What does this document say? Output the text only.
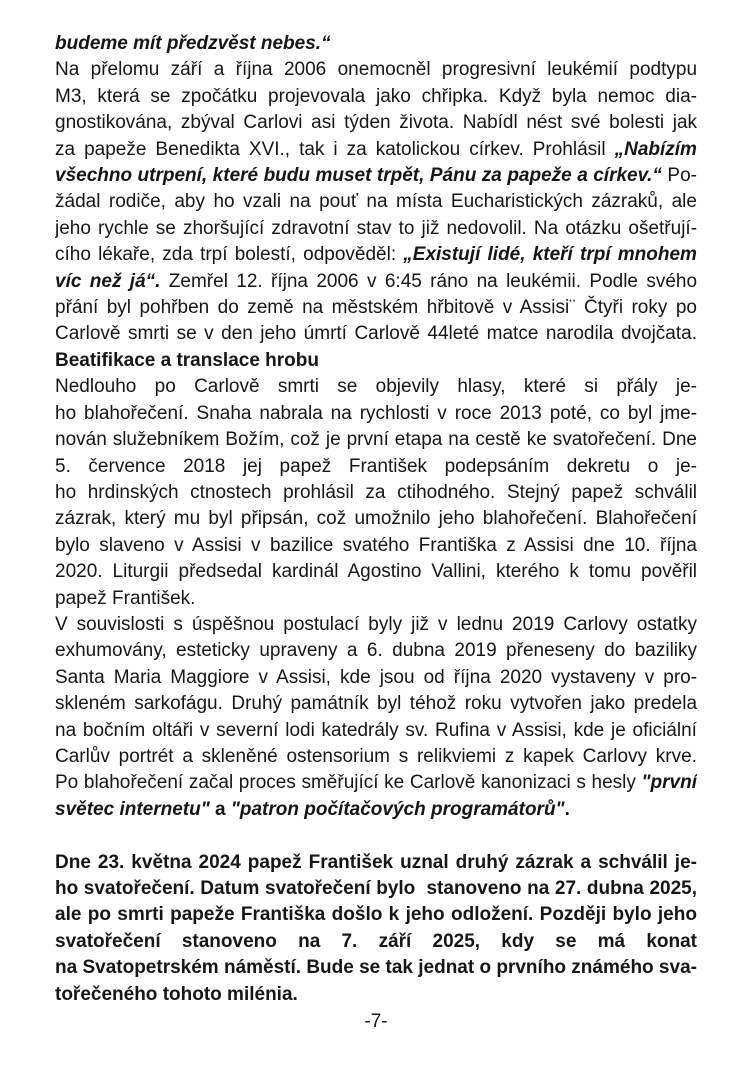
budeme mít předzvěst nebes.“
Na přelomu září a října 2006 onemocněl progresivní leukémií podtypu
M3, která se zpočátku projevovala jako chřipka. Když byla nemoc dia-
gnostikována, zbýval Carlovi asi týden života. Nabídl nést své bolesti jak
za papeže Benedikta XVI., tak i za katolickou církev. Prohlásil „Nabízím
všechno utrpení, které budu muset trpět, Pánu za papeže a církev.“ Po-
žádal rodiče, aby ho vzali na pouť na místa Eucharistických zázraků, ale
jeho rychle se zhoršující zdravotní stav to již nedovolil. Na otázku ošetřují-
cího lékaře, zda trpí bolestí, odpověděl: „Existují lidé, kteří trpí mnohem
víc než já“. Zemřel 12. října 2006 v 6:45 ráno na leukémii. Podle svého
přání byl pohřben do země na městském hřbitově v Assisi¨ Čtyři roky po
Carlově smrti se v den jeho úmrtí Carlově 44leté matce narodila dvojčata.
Beatifikace a translace hrobu
Nedlouho po Carlově smrti se objevily hlasy, které si přály je-
ho blahořečení. Snaha nabrala na rychlosti v roce 2013 poté, co byl jme-
nován služebníkem Božím, což je první etapa na cestě ke svatořečení. Dne
5. července 2018 jej papež František podepsáním dekretu o je-
ho hrdinských ctnostech prohlásil za ctihodného. Stejný papež schválil
zázrak, který mu byl připsán, což umožnilo jeho blahořečení. Blahořečení
bylo slaveno v Assisi v bazilice svatého Františka z Assisi dne 10. října
2020. Liturgii předsedal kardinál Agostino Vallini, kterého k tomu pověřil
papež František.
V souvislosti s úspěšnou postulací byly již v lednu 2019 Carlovy ostatky
exhumovány, esteticky upraveny a 6. dubna 2019 přeneseny do baziliky
Santa Maria Maggiore v Assisi, kde jsou od října 2020 vystaveny v pro-
skleném sarkofágu. Druhý památník byl téhož roku vytvořen jako predela
na bočním oltáři v severní lodi katedrály sv. Rufina v Assisi, kde je oficiální
Carlův portrét a skleněné ostensorium s relikviemi z kapek Carlovy krve.
Po blahořečení začal proces směřující ke Carlově kanonizaci s hesly "první
světec internetu" a "patron počítačových programátorů".
Dne 23. května 2024 papež František uznal druhý zázrak a schválil je-
ho svatořečení. Datum svatořečení bylo  stanoveno na 27. dubna 2025,
ale po smrti papeže Františka došlo k jeho odložení. Později bylo jeho
svatořečení stanoveno na 7. září 2025, kdy se má konat
na Svatopetrském náměstí. Bude se tak jednat o prvního známého sva-
tořečeného tohoto milénia.
-7-
